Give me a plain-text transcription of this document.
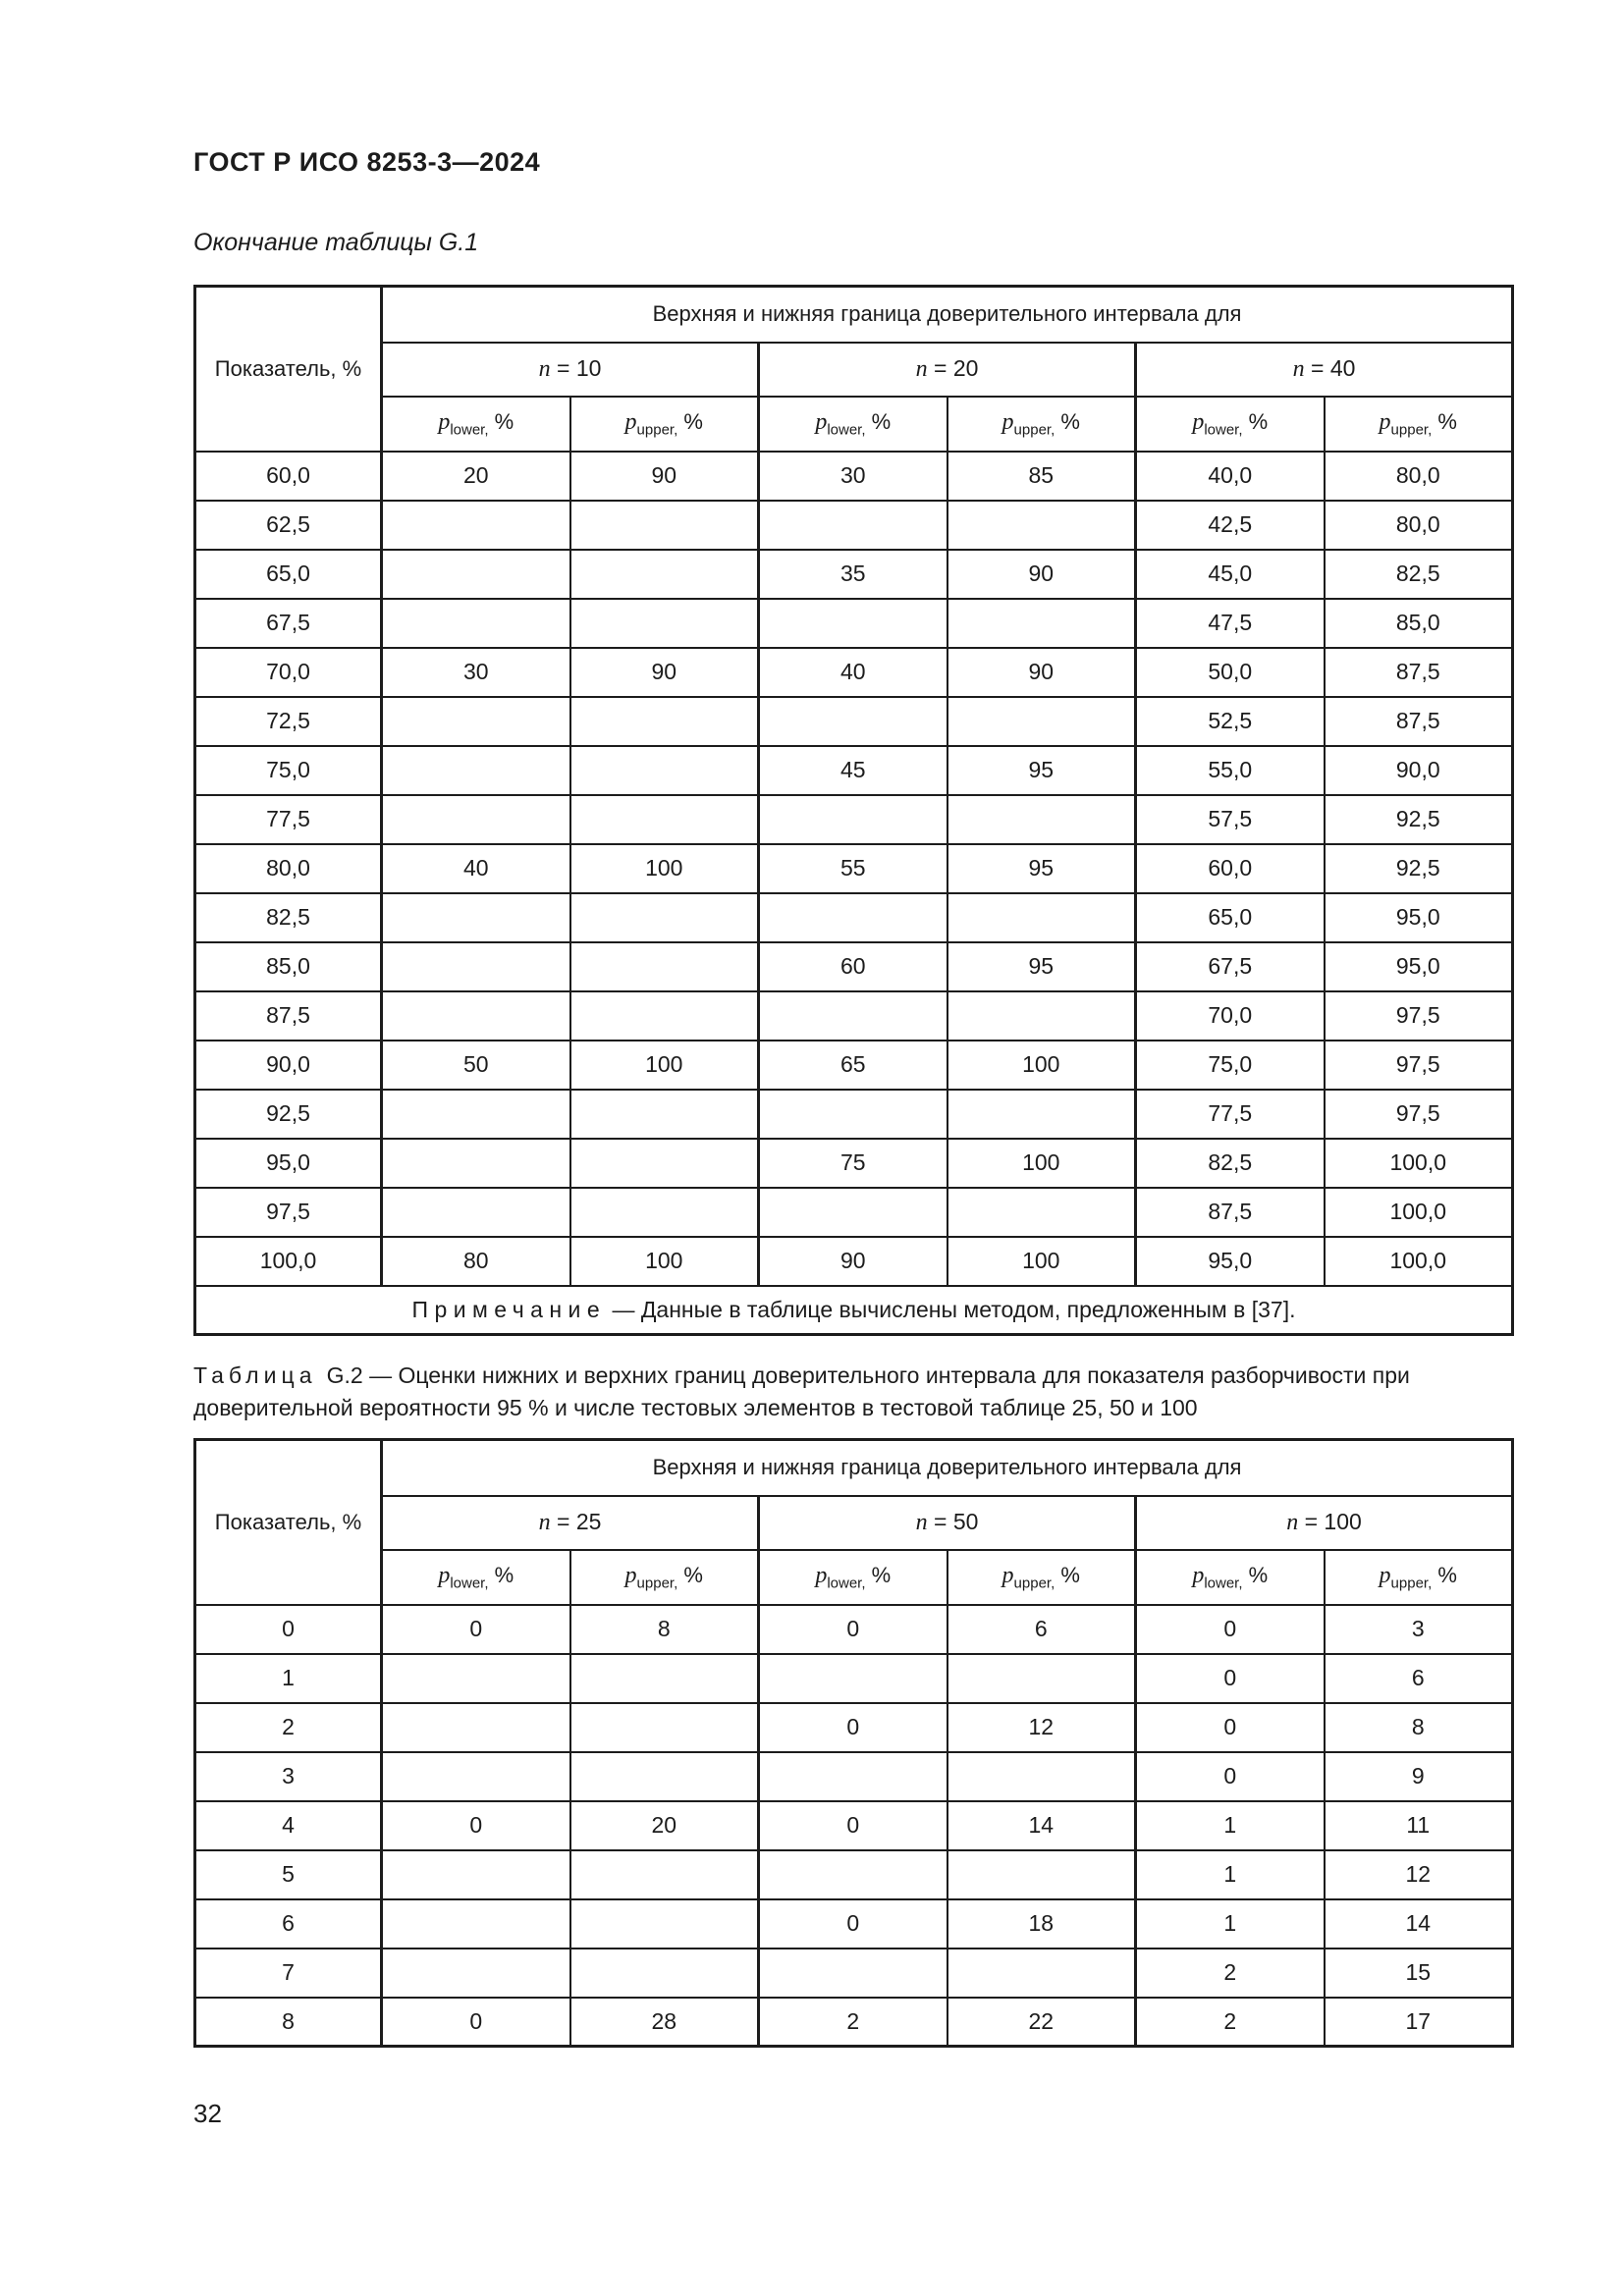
ГОСТ Р ИСО 8253-3—2024
Окончание таблицы G.1
Показатель, %	Верхняя и нижняя граница доверительного интервала для					
	n = 10		n = 20		n = 40	
	$p_{lower,}$ %	$p_{upper,}$ %	$p_{lower,}$ %	$p_{upper,}$ %	$p_{lower,}$ %	$p_{upper,}$ %
60,0	20	90	30	85	40,0	80,0
62,5					42,5	80,0
65,0			35	90	45,0	82,5
67,5					47,5	85,0
70,0	30	90	40	90	50,0	87,5
72,5					52,5	87,5
75,0			45	95	55,0	90,0
77,5					57,5	92,5
80,0	40	100	55	95	60,0	92,5
82,5					65,0	95,0
85,0			60	95	67,5	95,0
87,5					70,0	97,5
90,0	50	100	65	100	75,0	97,5
92,5					77,5	97,5
95,0			75	100	82,5	100,0
97,5					87,5	100,0
100,0	80	100	90	100	95,0	100,0
Примечание — Данные в таблице вычислены методом, предложенным в [37].						

Таблица G.2 — Оценки нижних и верхних границ доверительного интервала для показателя разборчивости при доверительной вероятности 95 % и числе тестовых элементов в тестовой таблице 25, 50 и 100

Показатель, %	Верхняя и нижняя граница доверительного интервала для					
	n = 25		n = 50		n = 100	
	$p_{lower,}$ %	$p_{upper,}$ %	$p_{lower,}$ %	$p_{upper,}$ %	$p_{lower,}$ %	$p_{upper,}$ %
0	0	8	0	6	0	3
1					0	6
2			0	12	0	8
3					0	9
4	0	20	0	14	1	11
5					1	12
6			0	18	1	14
7					2	15
8	0	28	2	22	2	17
32
